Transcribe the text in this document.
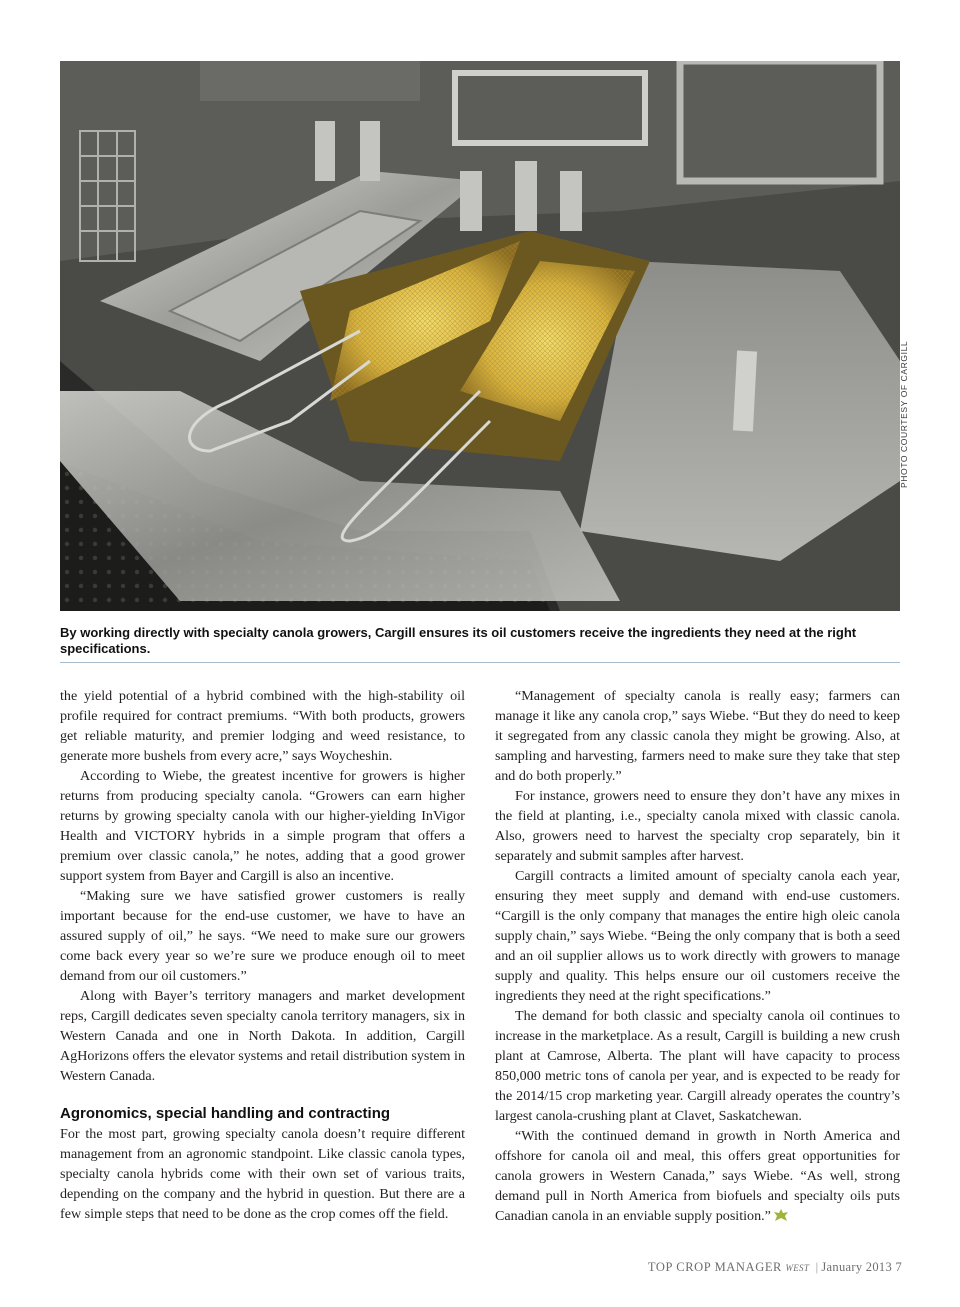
PHOTO COURTESY OF CARGILL
By working directly with specialty canola growers, Cargill ensures its oil customers receive the ingredients they need at the right specifications.

the yield potential of a hybrid combined with the high-stability oil profile required for contract premiums. “With both products, growers get reliable maturity, and premier lodging and weed resistance, to generate more bushels from every acre,” says Woycheshin.

According to Wiebe, the greatest incentive for growers is higher returns from producing specialty canola. “Growers can earn higher returns by growing specialty canola with our higher-yielding InVigor Health and VICTORY hybrids in a simple program that offers a premium over classic canola,” he notes, adding that a good grower support system from Bayer and Cargill is also an incentive.

“Making sure we have satisfied grower customers is really important because for the end-use customer, we have to have an assured supply of oil,” he says. “We need to make sure our growers come back every year so we’re sure we produce enough oil to meet demand from our oil customers.”

Along with Bayer’s territory managers and market development reps, Cargill dedicates seven specialty canola territory managers, six in Western Canada and one in North Dakota. In addition, Cargill AgHorizons offers the elevator systems and retail distribution system in Western Canada.

Agronomics, special handling and contracting

For the most part, growing specialty canola doesn’t require different management from an agronomic standpoint. Like classic canola types, specialty canola hybrids come with their own set of various traits, depending on the company and the hybrid in question. But there are a few simple steps that need to be done as the crop comes off the field.

“Management of specialty canola is really easy; farmers can manage it like any canola crop,” says Wiebe. “But they do need to keep it segregated from any classic canola they might be growing. Also, at sampling and harvesting, farmers need to make sure they take that step and do both properly.”

For instance, growers need to ensure they don’t have any mixes in the field at planting, i.e., specialty canola mixed with classic canola. Also, growers need to harvest the specialty crop separately, bin it separately and submit samples after harvest.

Cargill contracts a limited amount of specialty canola each year, ensuring they meet supply and demand with end-use customers. “Cargill is the only company that manages the entire high oleic canola supply chain,” says Wiebe. “Being the only company that is both a seed and an oil supplier allows us to work directly with growers to manage supply and quality. This helps ensure our oil customers receive the ingredients they need at the right specifications.”

The demand for both classic and specialty canola oil continues to increase in the marketplace. As a result, Cargill is building a new crush plant at Camrose, Alberta. The plant will have capacity to process 850,000 metric tons of canola per year, and is expected to be ready for the 2014/15 crop marketing year. Cargill already operates the country’s largest canola-crushing plant at Clavet, Saskatchewan.

“With the continued demand in growth in North America and offshore for canola oil and meal, this offers great opportunities for canola growers in Western Canada,” says Wiebe. “As well, strong demand pull in North America from biofuels and specialty oils puts Canadian canola in an enviable supply position.”

TOP CROP MANAGER WEST | January 2013 7
